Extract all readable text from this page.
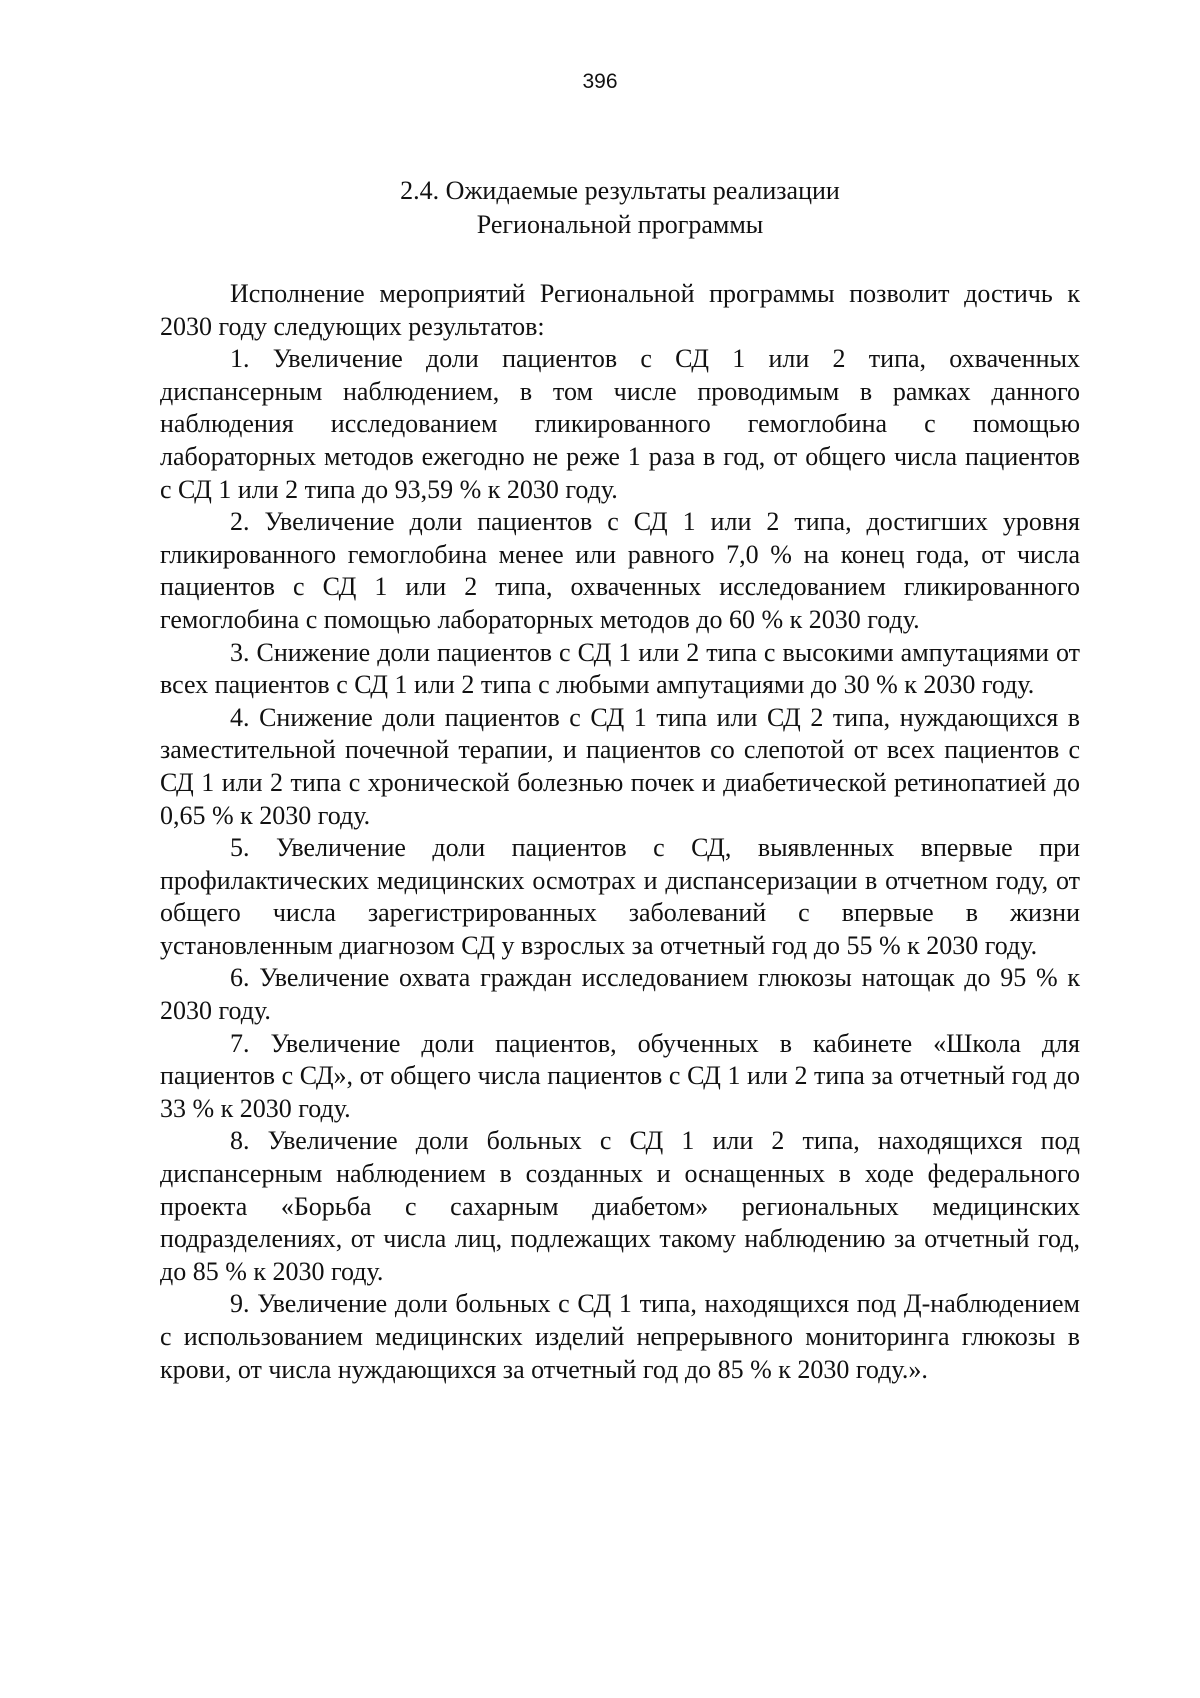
396
2.4. Ожидаемые результаты реализации
Региональной программы

Исполнение мероприятий Региональной программы позволит достичь к 2030 году следующих результатов:

1. Увеличение доли пациентов с СД 1 или 2 типа, охваченных диспансерным наблюдением, в том числе проводимым в рамках данного наблюдения исследованием гликированного гемоглобина с помощью лабораторных методов ежегодно не реже 1 раза в год, от общего числа пациентов с СД 1 или 2 типа до 93,59 % к 2030 году.

2. Увеличение доли пациентов с СД 1 или 2 типа, достигших уровня гликированного гемоглобина менее или равного 7,0 % на конец года, от числа пациентов с СД 1 или 2 типа, охваченных исследованием гликированного гемоглобина с помощью лабораторных методов до 60 % к 2030 году.

3. Снижение доли пациентов с СД 1 или 2 типа с высокими ампутациями от всех пациентов с СД 1 или 2 типа с любыми ампутациями до 30 % к 2030 году.

4. Снижение доли пациентов с СД 1 типа или СД 2 типа, нуждающихся в заместительной почечной терапии, и пациентов со слепотой от всех пациентов с СД 1 или 2 типа с хронической болезнью почек и диабетической ретинопатией до 0,65 % к 2030 году.

5. Увеличение доли пациентов с СД, выявленных впервые при профилактических медицинских осмотрах и диспансеризации в отчетном году, от общего числа зарегистрированных заболеваний с впервые в жизни установленным диагнозом СД у взрослых за отчетный год до 55 % к 2030 году.

6. Увеличение охвата граждан исследованием глюкозы натощак до 95 % к 2030 году.

7. Увеличение доли пациентов, обученных в кабинете «Школа для пациентов с СД», от общего числа пациентов с СД 1 или 2 типа за отчетный год до 33 % к 2030 году.

8. Увеличение доли больных с СД 1 или 2 типа, находящихся под диспансерным наблюдением в созданных и оснащенных в ходе федерального проекта «Борьба с сахарным диабетом» региональных медицинских подразделениях, от числа лиц, подлежащих такому наблюдению за отчетный год, до 85 % к 2030 году.

9. Увеличение доли больных с СД 1 типа, находящихся под Д-наблюдением с использованием медицинских изделий непрерывного мониторинга глюкозы в крови, от числа нуждающихся за отчетный год до 85 % к 2030 году.».
